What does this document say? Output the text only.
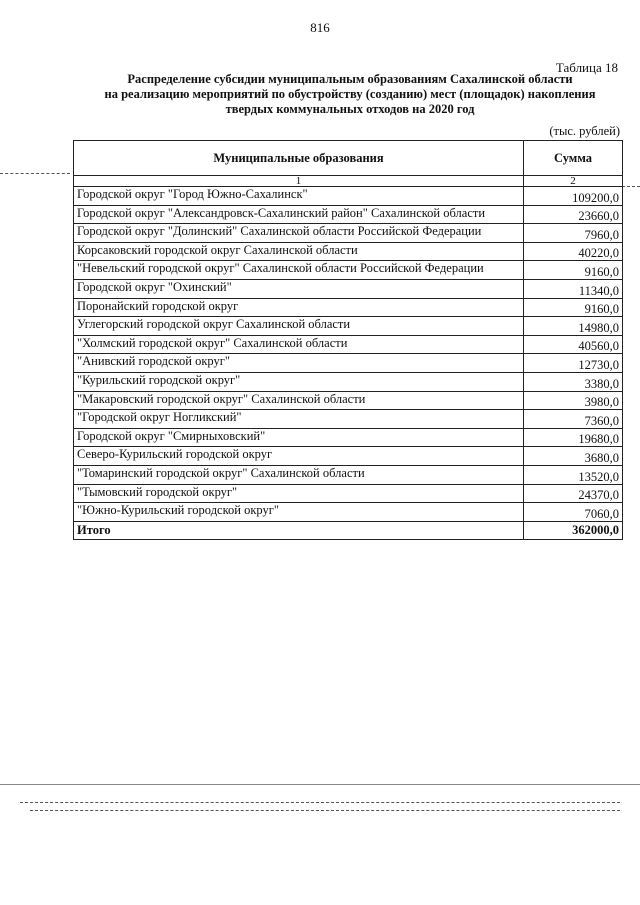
816
Таблица 18
Распределение субсидии муниципальным образованиям Сахалинской области
на реализацию мероприятий по обустройству (созданию) мест (площадок) накопления
твердых коммунальных отходов на 2020 год
(тыс. рублей)
Муниципальные образования	Сумма
1	2
Городской округ "Город Южно-Сахалинск"	109200,0
Городской округ "Александровск-Сахалинский район" Сахалинской области	23660,0
Городской округ "Долинский" Сахалинской области Российской Федерации	7960,0
Корсаковский городской округ Сахалинской области	40220,0
"Невельский городской округ" Сахалинской области Российской Федерации	9160,0
Городской округ "Охинский"	11340,0
Поронайский городской округ	9160,0
Углегорский городской округ Сахалинской области	14980,0
"Холмский городской округ" Сахалинской области	40560,0
"Анивский городской округ"	12730,0
"Курильский городской округ"	3380,0
"Макаровский городской округ" Сахалинской области	3980,0
"Городской округ Ногликский"	7360,0
Городской округ "Смирныховский"	19680,0
Северо-Курильский городской округ	3680,0
"Томаринский городской округ" Сахалинской области	13520,0
"Тымовский городской округ"	24370,0
"Южно-Курильский городской округ"	7060,0
Итого	362000,0
